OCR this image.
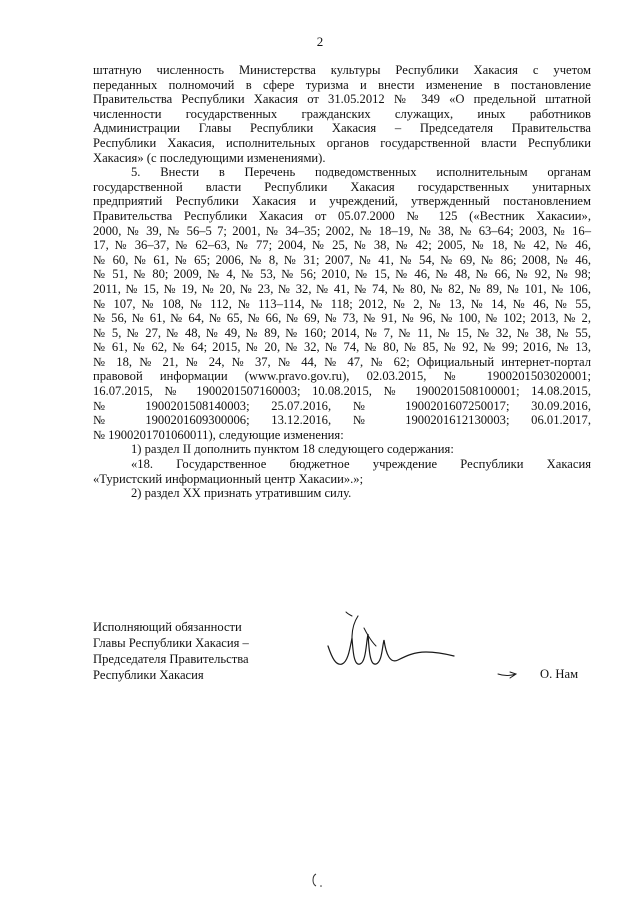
2

штатную численность Министерства культуры Республики Хакасия с учетом
переданных полномочий в сфере туризма и внести изменение в постановление
Правительства Республики Хакасия от 31.05.2012 № 349 «О предельной штатной
численности государственных гражданских служащих, иных работников
Администрации Главы Республики Хакасия – Председателя Правительства
Республики Хакасия, исполнительных органов государственной власти Республики
Хакасия» (с последующими изменениями).

5. Внести в Перечень подведомственных исполнительным органам
государственной власти Республики Хакасия государственных унитарных
предприятий Республики Хакасия и учреждений, утвержденный постановлением
Правительства Республики Хакасия от 05.07.2000 № 125 («Вестник Хакасии»,
2000, № 39, № 56–5 7; 2001, № 34–35; 2002, № 18–19, № 38, № 63–64; 2003, № 16–
17, № 36–37, № 62–63, № 77; 2004, № 25, № 38, № 42; 2005, № 18, № 42, № 46,
№ 60, № 61, № 65; 2006, № 8, № 31; 2007, № 41, № 54, № 69, № 86; 2008, № 46,
№ 51, № 80; 2009, № 4, № 53, № 56; 2010, № 15, № 46, № 48, № 66, № 92, № 98;
2011, № 15, № 19, № 20, № 23, № 32, № 41, № 74, № 80, № 82, № 89, № 101, № 106,
№ 107, № 108, № 112, № 113–114, № 118; 2012, № 2, № 13, № 14, № 46, № 55,
№ 56, № 61, № 64, № 65, № 66, № 69, № 73, № 91, № 96, № 100, № 102; 2013, № 2,
№ 5, № 27, № 48, № 49, № 89, № 160; 2014, № 7, № 11, № 15, № 32, № 38, № 55,
№ 61, № 62, № 64; 2015, № 20, № 32, № 74, № 80, № 85, № 92, № 99; 2016, № 13,
№ 18, № 21, № 24, № 37, № 44, № 47, № 62; Официальный интернет-портал
правовой информации (www.pravo.gov.ru), 02.03.2015, № 1900201503020001;
16.07.2015, № 1900201507160003; 10.08.2015, № 1900201508100001; 14.08.2015,
№ 1900201508140003; 25.07.2016, № 1900201607250017; 30.09.2016,
№ 1900201609300006; 13.12.2016, № 1900201612130003; 06.01.2017,
№ 1900201701060011), следующие изменения:

1) раздел II дополнить пунктом 18 следующего содержания:

«18. Государственное бюджетное учреждение Республики Хакасия
«Туристский информационный центр Хакасии».»;

2) раздел XX признать утратившим силу.

Исполняющий обязанности
Главы Республики Хакасия –
Председателя Правительства
Республики Хакасия	О. Нам
